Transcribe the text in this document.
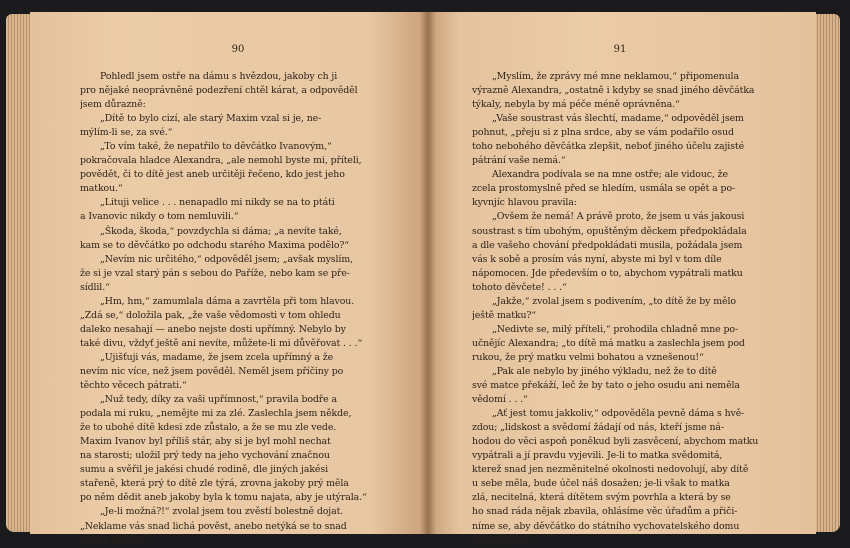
90
Pohledl jsem ostře na dámu s hvězdou, jakoby ch ji
pro nějaké neoprávněné podezření chtěl kárat, a odpověděl
jsem důrazně:
„Dítě to bylo cizí, ale starý Maxim vzal si je, ne-
mýlím-li se, za své.“
„To vím také, že nepatřilo to děvčátko Ivanovým,“
pokračovala hladce Alexandra, „ale nemohl byste mi, příteli,
povědět, či to dítě jest aneb určitěji řečeno, kdo jest jeho
matkou.“
„Lituji velice . . . nenapadlo mi nikdy se na to ptáti
a Ivanovic nikdy o tom nemluvili.“
„Škoda, škoda,“ povzdychla si dáma; „a nevíte také,
kam se to děvčátko po odchodu starého Maxima podělo?“
„Nevím nic určitého,“ odpověděl jsem; „avšak myslím,
že si je vzal starý pán s sebou do Paříže, nebo kam se pře-
sídlil.“
„Hm, hm,“ zamumlala dáma a zavrtěla při tom hlavou.
„Zdá se,“ doložila pak, „že vaše vědomosti v tom ohledu
daleko nesahají — anebo nejste dosti upřímný. Nebylo by
také divu, vždyť ještě ani nevíte, můžete-li mi důvěřovat . . .“
„Ujišťuji vás, madame, že jsem zcela upřímný a že
nevím nic více, než jsem pověděl. Neměl jsem příčiny po
těchto věcech pátrati.“
„Nuž tedy, díky za vaši upřímnost,“ pravila bodře a
podala mi ruku, „nemějte mi za zlé. Zaslechla jsem někde,
že to ubohé dítě kdesi zde zůstalo, a že se mu zle vede.
Maxim Ivanov byl příliš stár, aby si je byl mohl nechat
na starosti; uložil prý tedy na jeho vychování značnou
sumu a svěřil je jakési chudé rodině, dle jiných jakési
stařeně, která prý to dítě zle týrá, zrovna jakoby prý měla
po něm dědit aneb jakoby byla k tomu najata, aby je utýrala.“
„Je-li možná?!“ zvolal jsem tou zvěstí bolestně dojat.
„Neklame vás snad lichá pověst, anebo netýká se to snad
jiného dítěte?“
91
„Myslím, že zprávy mé mne neklamou,“ připomenula
výrazně Alexandra, „ostatně i kdyby se snad jiného děvčátka
týkaly, nebyla by má péče méně oprávněna.“
„Vaše soustrast vás šlechtí, madame,“ odpověděl jsem
pohnut, „přeju si z plna srdce, aby se vám podařilo osud
toho nebohého děvčátka zlepšit, neboť jiného účelu zajisté
pátrání vaše nemá.“
Alexandra podívala se na mne ostře; ale vidouc, že
zcela prostomyslně před se hledím, usmála se opět a po-
kyvnjíc hlavou pravila:
„Ovšem že nemá! A právě proto, že jsem u vás jakousi
soustrast s tím ubohým, opuštěným děckem předpokládala
a dle vašeho chování předpokládati musila, požádala jsem
vás k sobě a prosím vás nyní, abyste mi byl v tom díle
nápomocen. Jde především o to, abychom vypátrali matku
tohoto děvčete! . . .“
„Jakže,“ zvolal jsem s podivením, „to dítě že by mělo
ještě matku?“
„Nedivte se, milý příteli,“ prohodila chladně mne po-
učnějíc Alexandra; „to dítě má matku a zaslechla jsem pod
rukou, že prý matku velmi bohatou a vznešenou!“
„Pak ale nebylo by jiného výkladu, než že to dítě
své matce překáží, leč že by tato o jeho osudu ani neměla
vědomí . . .“
„Ať jest tomu jakkoliv,“ odpověděla pevně dáma s hvě-
zdou; „lidskost a svědomí žádají od nás, kteří jsme ná-
hodou do věci aspoň poněkud byli zasvěcení, abychom matku
vypátrali a jí pravdu vyjevili. Je-li to matka svědomitá,
kterež snad jen nezměnitelné okolnosti nedovolují, aby dítě
u sebe měla, bude účel náš dosažen; je-li však to matka
zlá, necitelná, která dítětem svým povrhla a která by se
ho snad ráda nějak zbavila, ohlásíme věc úřadům a přiči-
níme se, aby děvčátko do státního vychovatelského domu
bylo přijato.“
